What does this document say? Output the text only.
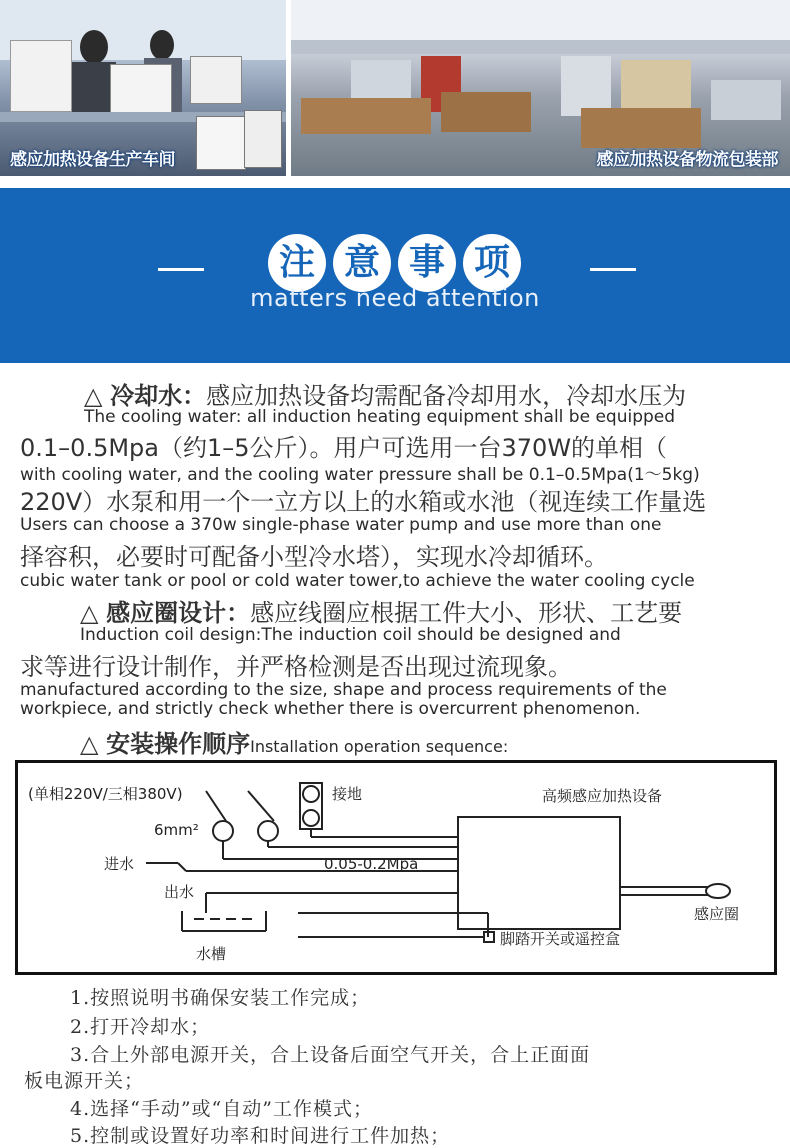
感应加热设备生产车间	感应加热设备物流包装部
注 意 事 项
matters need attention
△ 冷却水：感应加热设备均需配备冷却用水，冷却水压为
The cooling water: all induction heating equipment shall be equipped
0.1–0.5Mpa（约1–5公斤）。用户可选用一台370W的单相（
with cooling water, and the cooling water pressure shall be 0.1–0.5Mpa(1～5kg)
220V）水泵和用一个一立方以上的水箱或水池（视连续工作量选
Users can choose a 370w single-phase water pump and use more than one
择容积，必要时可配备小型冷水塔），实现水冷却循环。
cubic water tank or pool or cold water tower,to achieve the water cooling cycle
△ 感应圈设计：感应线圈应根据工件大小、形状、工艺要
Induction coil design:The induction coil should be designed and
求等进行设计制作，并严格检测是否出现过流现象。
manufactured according to the size, shape and process requirements of the
workpiece, and strictly check whether there is overcurrent phenomenon.
△ 安装操作顺序Installation operation sequence:
(单相220V/三相380V)
6mm²
接地	高频感应加热设备
进水	0.05-0.2Mpa
出水
感应圈
脚踏开关或遥控盒
水槽
1.按照说明书确保安装工作完成；
2.打开冷却水；
3.合上外部电源开关，合上设备后面空气开关，合上正面面
板电源开关；
4.选择“手动”或“自动”工作模式；
5.控制或设置好功率和时间进行工件加热；
